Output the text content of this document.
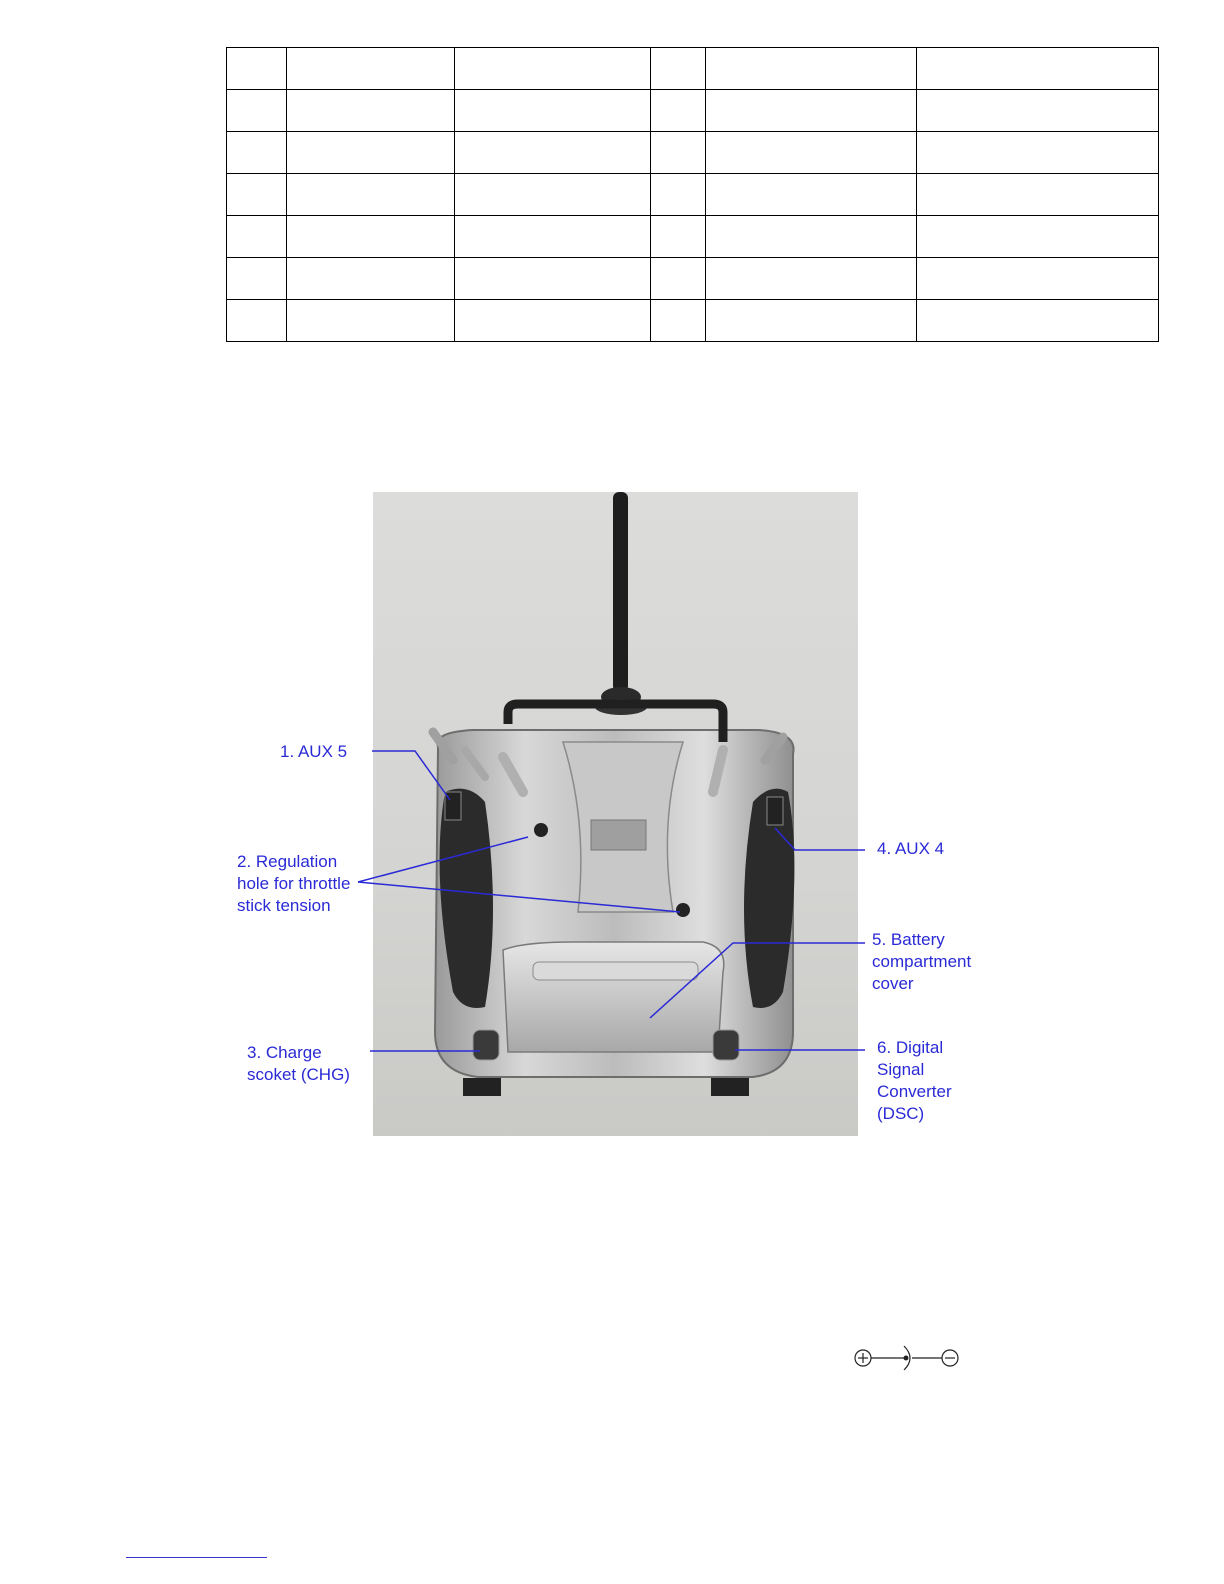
1. AUX 5
2. Regulation
hole for throttle
stick tension
3. Charge
scoket (CHG)
4. AUX 4
5. Battery
compartment
cover
6. Digital
Signal
Converter
(DSC)
